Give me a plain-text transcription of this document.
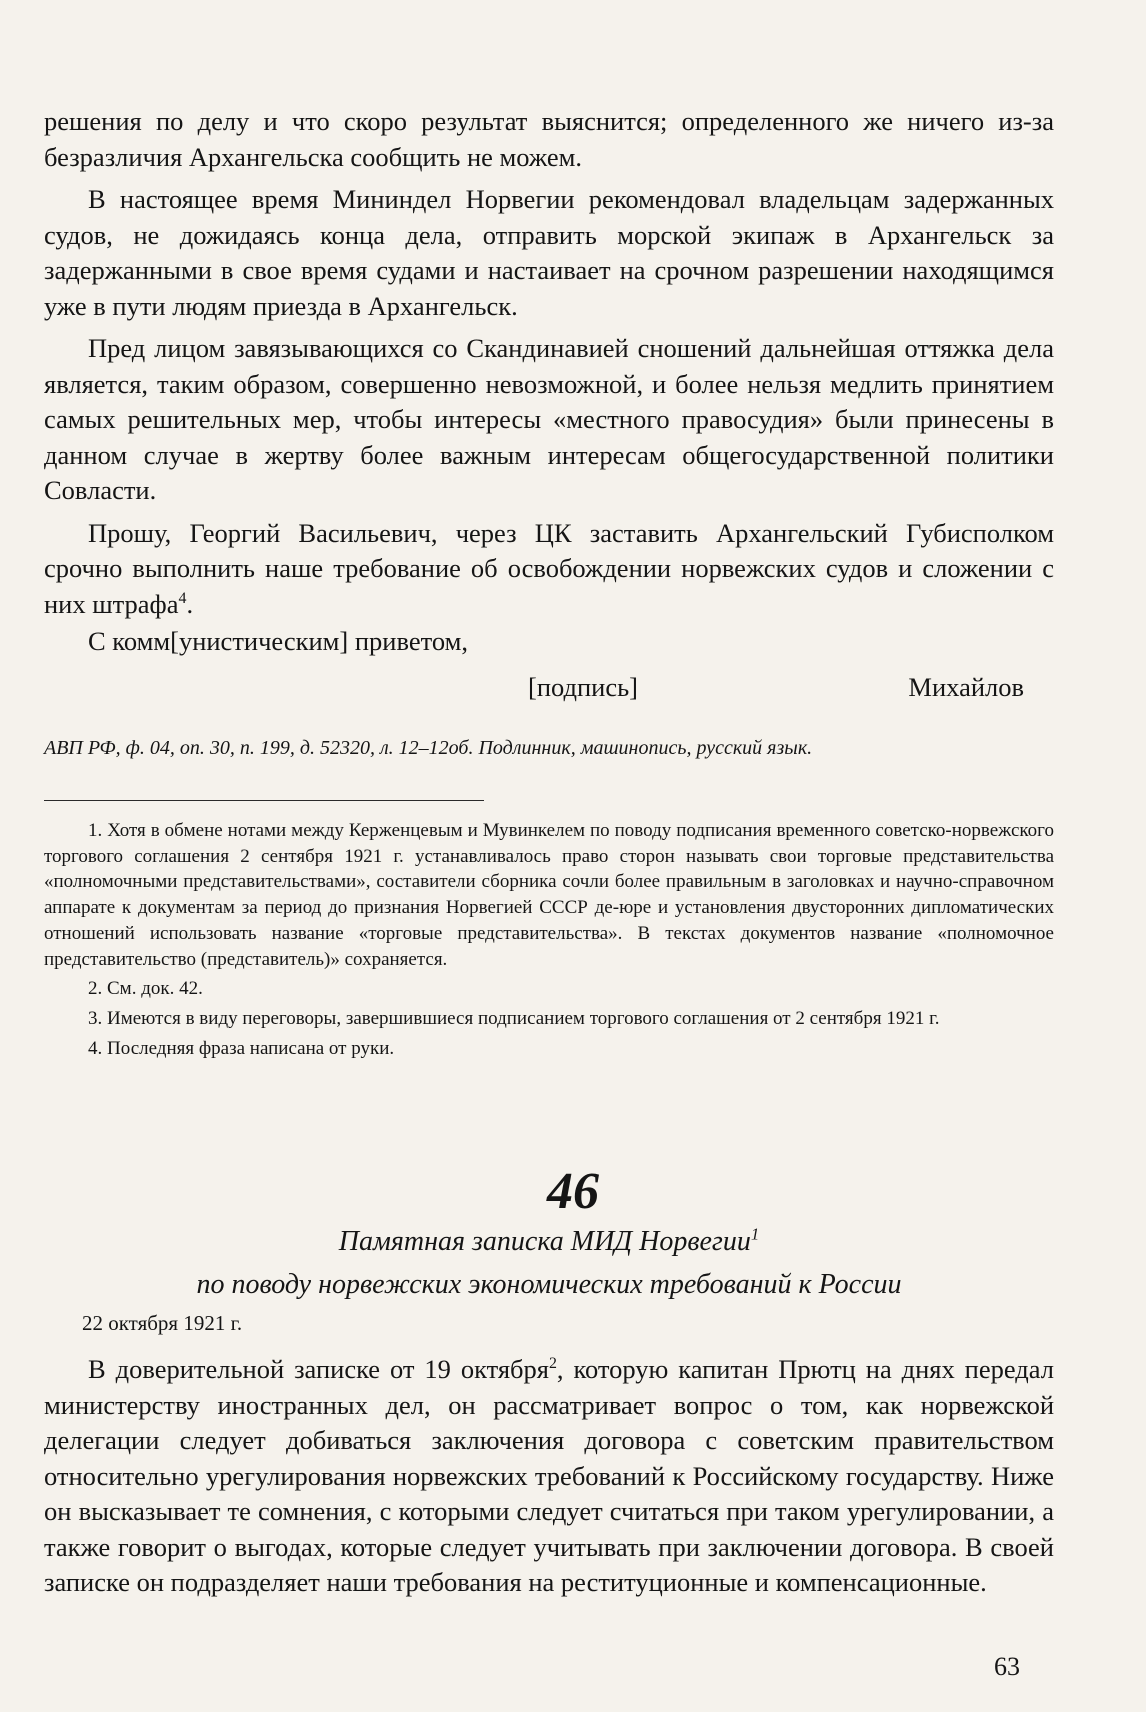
решения по делу и что скоро результат выяснится; определенного же ничего из-за безразличия Архангельска сообщить не можем.

В настоящее время Мининдел Норвегии рекомендовал владельцам задержанных судов, не дожидаясь конца дела, отправить морской экипаж в Архангельск за задержанными в свое время судами и настаивает на срочном разрешении находящимся уже в пути людям приезда в Архангельск.

Пред лицом завязывающихся со Скандинавией сношений дальнейшая оттяжка дела является, таким образом, совершенно невозможной, и более нельзя медлить принятием самых решительных мер, чтобы интересы «местного правосудия» были принесены в данном случае в жертву более важным интересам общегосударственной политики Совласти.

Прошу, Георгий Васильевич, через ЦК заставить Архангельский Губисполком срочно выполнить наше требование об освобождении норвежских судов и сложении с них штрафа$^4$.

С комм[унистическим] приветом,

[подпись]	Михайлов

АВП РФ, ф. 04, оп. 30, п. 199, д. 52320, л. 12–12об. Подлинник, машинопись, русский язык.

1. Хотя в обмене нотами между Керженцевым и Мувинкелем по поводу подписания временного советско-норвежского торгового соглашения 2 сентября 1921 г. устанавливалось право сторон называть свои торговые представительства «полномочными представительствами», составители сборника сочли более правильным в заголовках и научно-справочном аппарате к документам за период до признания Норвегией СССР де-юре и установления двусторонних дипломатических отношений использовать название «торговые представительства». В текстах документов название «полномочное представительство (представитель)» сохраняется.

2. См. док. 42.

3. Имеются в виду переговоры, завершившиеся подписанием торгового соглашения от 2 сентября 1921 г.

4. Последняя фраза написана от руки.

46
Памятная записка МИД Норвегии$^1$
по поводу норвежских экономических требований к России
22 октября 1921 г.

В доверительной записке от 19 октября$^2$, которую капитан Прютц на днях передал министерству иностранных дел, он рассматривает вопрос о том, как норвежской делегации следует добиваться заключения договора с советским правительством относительно урегулирования норвежских требований к Российскому государству. Ниже он высказывает те сомнения, с которыми следует считаться при таком урегулировании, а также говорит о выгодах, которые следует учитывать при заключении договора. В своей записке он подразделяет наши требования на реституционные и компенсационные.

63
